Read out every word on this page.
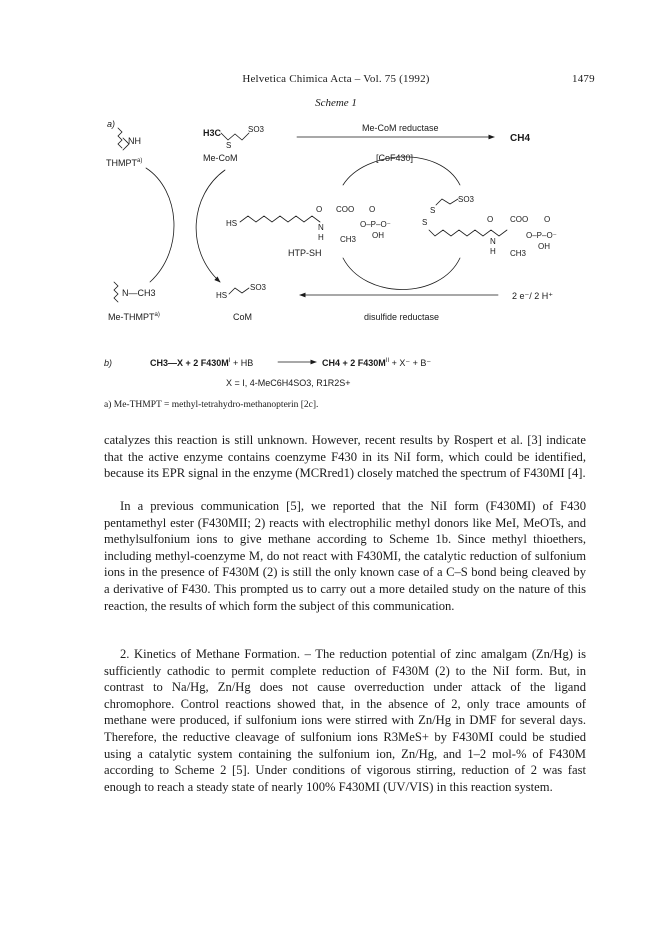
Helvetica Chimica Acta – Vol. 75 (1992)	1479
Scheme 1
a)
NH
THMPT$^{a)}$
H3C
S
SO3
Me-CoM
Me-CoM reductase
[CoF430]
CH4
HS
O COO O
N
H
O–P–O⁻
OH
CH3
HTP-SH
S
SO3
S	O COO O
N
H
O–P–O⁻
OH
CH3
N—CH3
Me-THMPT$^{a)}$
HS
SO3
CoM	disulfide reductase
2 e⁻/ 2 H⁺
b)	CH3—X + 2 $F430M^I$ + HB	CH4 + 2 $F430M^{II} + X^- + B^-$
X = I, 4-MeC6H4SO3, R1R2S+
a) Me-THMPT = methyl-tetrahydro-methanopterin [2c].

catalyzes this reaction is still unknown. However, recent results by Rospert et al. [3] indicate that the active enzyme contains coenzyme F430 in its NiI form, which could be identified, because its EPR signal in the enzyme (MCRred1) closely matched the spectrum of F430MI [4].

In a previous communication [5], we reported that the NiI form (F430MI) of F430 pentamethyl ester (F430MII; 2) reacts with electrophilic methyl donors like MeI, MeOTs, and methylsulfonium ions to give methane according to Scheme 1b. Since methyl thioethers, including methyl-coenzyme M, do not react with F430MI, the catalytic reduction of sulfonium ions in the presence of F430M (2) is still the only known case of a C–S bond being cleaved by a derivative of F430. This prompted us to carry out a more detailed study on the nature of this reaction, the results of which form the subject of this communication.

2. Kinetics of Methane Formation. – The reduction potential of zinc amalgam (Zn/Hg) is sufficiently cathodic to permit complete reduction of F430M (2) to the NiI form. But, in contrast to Na/Hg, Zn/Hg does not cause overreduction under attack of the ligand chromophore. Control reactions showed that, in the absence of 2, only trace amounts of methane were produced, if sulfonium ions were stirred with Zn/Hg in DMF for several days. Therefore, the reductive cleavage of sulfonium ions R3MeS+ by F430MI could be studied using a catalytic system containing the sulfonium ion, Zn/Hg, and 1–2 mol-% of F430M according to Scheme 2 [5]. Under conditions of vigorous stirring, reduction of 2 was fast enough to reach a steady state of nearly 100% F430MI (UV/VIS) in this reaction system.
